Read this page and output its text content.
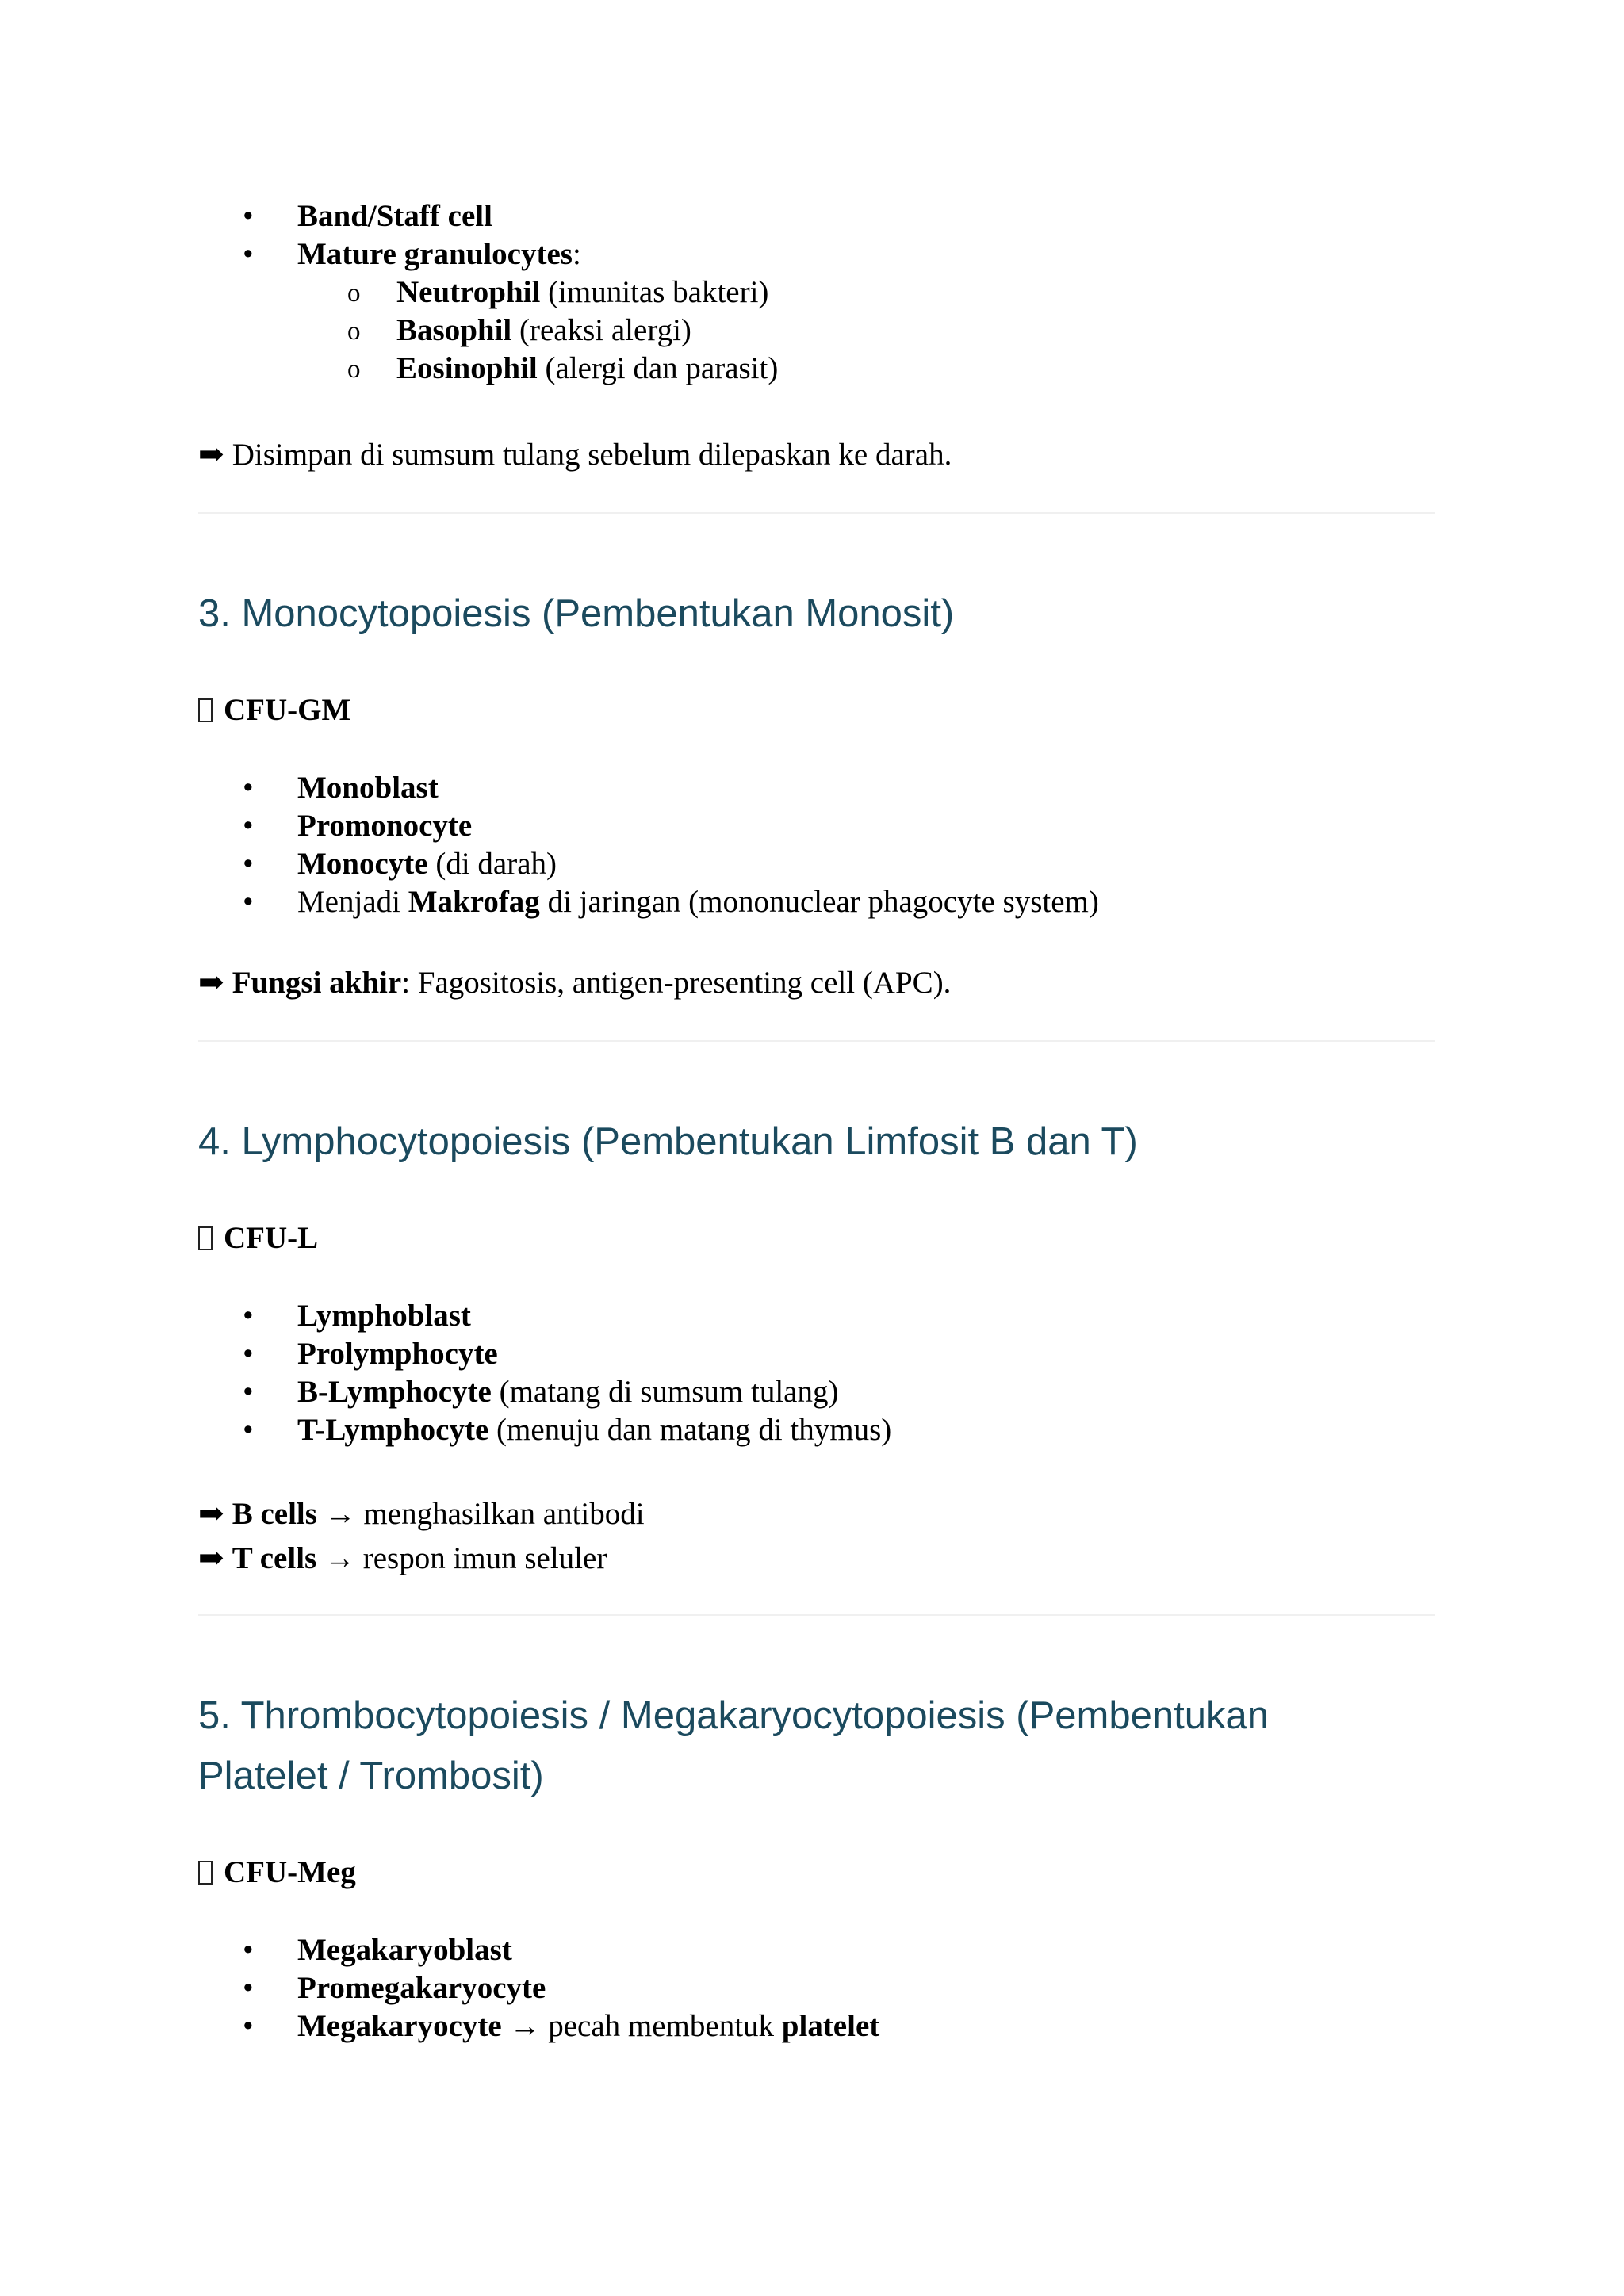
• Band/Staff cell
• Mature granulocytes:
o Neutrophil (imunitas bakteri)
o Basophil (reaksi alergi)
o Eosinophil (alergi dan parasit)
➡ Disimpan di sumsum tulang sebelum dilepaskan ke darah.
3. Monocytopoiesis (Pembentukan Monosit)
CFU-GM
• Monoblast
• Promonocyte
• Monocyte (di darah)
• Menjadi Makrofag di jaringan (mononuclear phagocyte system)
➡ Fungsi akhir: Fagositosis, antigen-presenting cell (APC).
4. Lymphocytopoiesis (Pembentukan Limfosit B dan T)
CFU-L
• Lymphoblast
• Prolymphocyte
• B-Lymphocyte (matang di sumsum tulang)
• T-Lymphocyte (menuju dan matang di thymus)
➡ B cells → menghasilkan antibodi
➡ T cells → respon imun seluler
5. Thrombocytopoiesis / Megakaryocytopoiesis (Pembentukan
Platelet / Trombosit)
CFU-Meg
• Megakaryoblast
• Promegakaryocyte
• Megakaryocyte → pecah membentuk platelet
